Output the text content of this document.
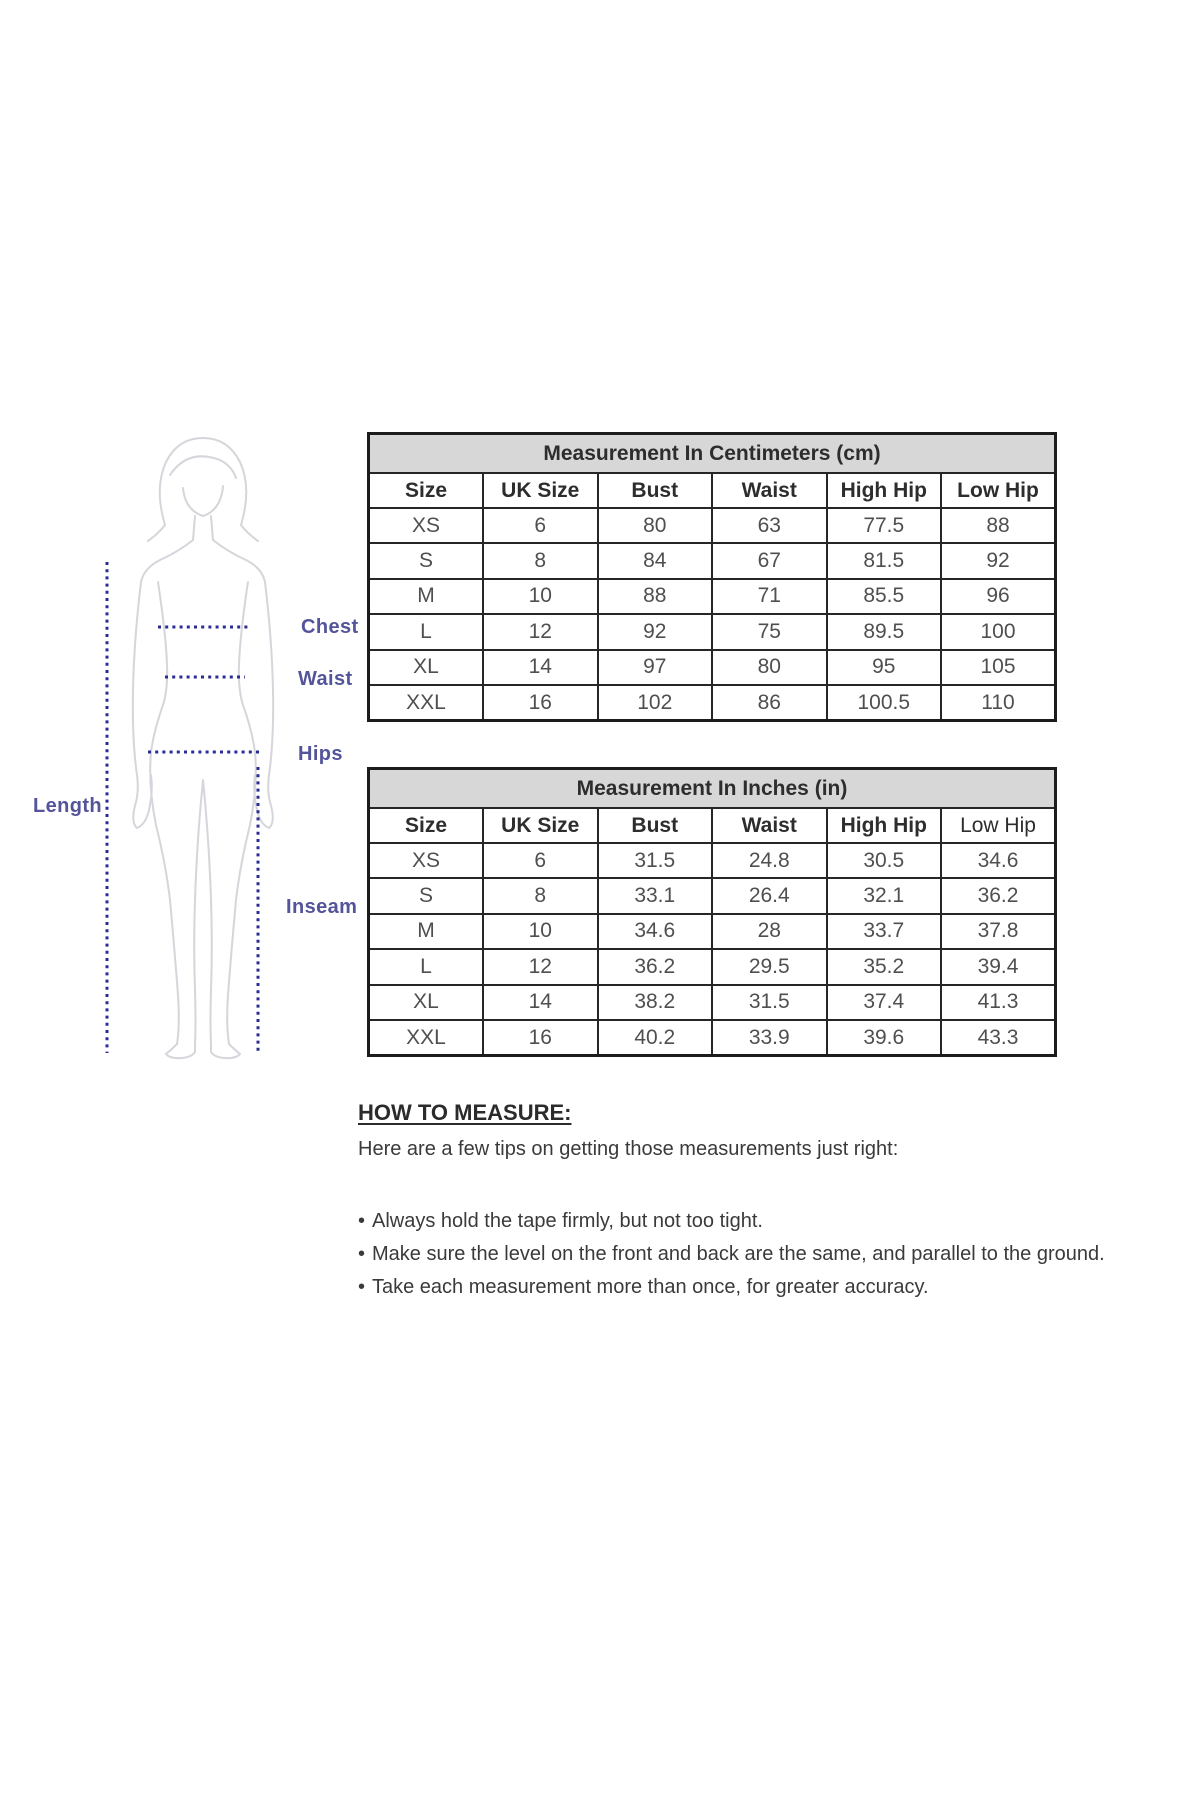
Chest
Waist
Hips
Length
Inseam
Measurement In Centimeters (cm)					
Size	UK Size	Bust	Waist	High Hip	Low Hip
XS	6	80	63	77.5	88
S	8	84	67	81.5	92
M	10	88	71	85.5	96
L	12	92	75	89.5	100
XL	14	97	80	95	105
XXL	16	102	86	100.5	110
Measurement In Inches (in)					
Size	UK Size	Bust	Waist	High Hip	Low Hip
XS	6	31.5	24.8	30.5	34.6
S	8	33.1	26.4	32.1	36.2
M	10	34.6	28	33.7	37.8
L	12	36.2	29.5	35.2	39.4
XL	14	38.2	31.5	37.4	41.3
XXL	16	40.2	33.9	39.6	43.3
HOW TO MEASURE:
Here are a few tips on getting those measurements just right:
• Always hold the tape firmly, but not too tight.
• Make sure the level on the front and back are the same, and parallel to the ground.
• Take each measurement more than once, for greater accuracy.
